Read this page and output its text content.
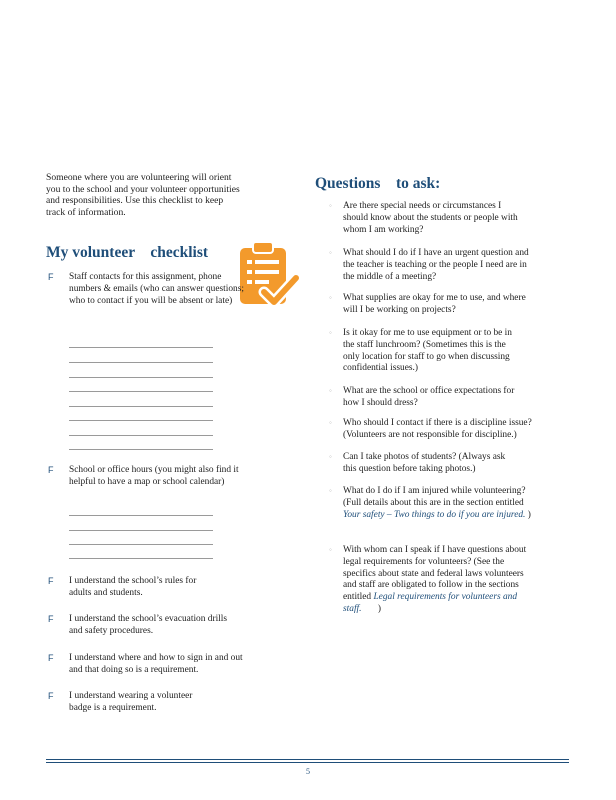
Someone where you are volunteering will orient you to the school and your volunteer opportunities and responsibilities. Use this checklist to keep track of information.
My volunteer    checklist
F Staff contacts for this assignment, phone numbers & emails (who can answer questions; who to contact if you will be absent or late)
F School or office hours (you might also find it helpful to have a map or school calendar)
F I understand the school’s rules for adults and students.
F I understand the school’s evacuation drills and safety procedures.
F I understand where and how to sign in and out and that doing so is a requirement.
F I understand wearing a volunteer badge is a requirement.
Questions    to ask:
◦ Are there special needs or circumstances I should know about the students or people with whom I am working?
◦ What should I do if I have an urgent question and the teacher is teaching or the people I need are in the middle of a meeting?
◦ What supplies are okay for me to use, and where will I be working on projects?
◦ Is it okay for me to use equipment or to be in the staff lunchroom? (Sometimes this is the only location for staff to go when discussing confidential issues.)
◦ What are the school or office expectations for how I should dress?
◦ Who should I contact if there is a discipline issue? (Volunteers are not responsible for discipline.)
◦ Can I take photos of students? (Always ask this question before taking photos.)
◦ What do I do if I am injured while volunteering? (Full details about this are in the section entitled Your safety – Two things to do if you are injured. )
◦ With whom can I speak if I have questions about legal requirements for volunteers? (See the specifics about state and federal laws volunteers and staff are obligated to follow in the sections entitled Legal requirements for volunteers and staff.       )
5
